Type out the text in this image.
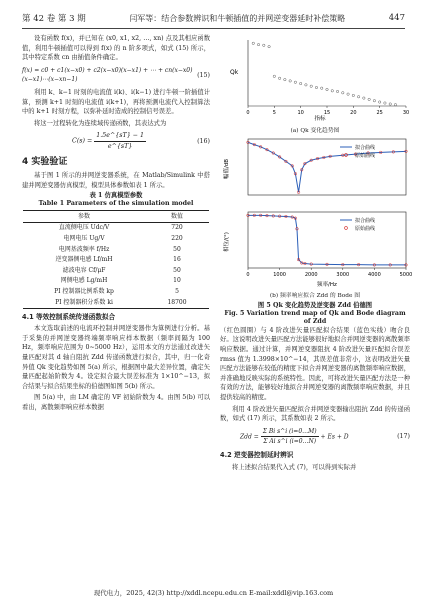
第 42 卷 第 3 期	闫军等：结合参数辨识和牛顿插值的并网逆变器延时补偿策略	447

设有函数 f(x)，并已知在 (x0, x1, x2, …, xn) 点及其相应函数值，利用牛顿插值可以得到 f(x) 的 n 阶多项式，如式 (15) 所示，其中特定系数 cn 由插值条件确定。

f(x) = c0 + c1(x−x0) + c2(x−x0)(x−x1) + ⋯ + cn(x−x0)(x−x1)⋯(x−xn−1)
(15)

利用 k、k−1 时刻的电流值 i(k)、i(k−1) 进行牛顿一阶插值计算，预测 k+1 时刻的电流值 i(k+1)，再将预测电流代入控制算法中的 k+1 时刻方程，以弥补延时造成的控制信号误差。

将这一过程转化为连续域传递函数，其表达式为

$C(s) = \frac{1.5e\^{}\{sT\} - 1}{e\^{}\{sT\}}$	(16)
4 实验验证

基于图 1 所示的并网逆变器系统，在 Matlab/Simulink 中搭建并网逆变器仿真模型，模型具体参数如表 1 所示。

表 1 仿真模型参数
Table 1 Parameters of the simulation model
参数	数值
直流侧电压 Udc/V	720
电网电压 Ug/V	220
电网基波频率 f/Hz	50
逆变器侧电感 Lf/mH	16
滤波电容 Cf/μF	50
网侧电感 Lg/mH	10
PI 控制器比例系数 kp	5
PI 控制器积分系数 ki	18700
4.1 等效控制系统传递函数拟合

本文选取前述的电流环控制并网逆变器作为算例进行分析。基于采集的并网逆变器终端频率响应样本数据（频率间隔为 100 Hz，频率响应范围为 0~5000 Hz），运用本文的方法通过改进矢量匹配对其 d 轴自阻抗 Zdd 传递函数进行拟合，其中，归一化奇异值 Qk 变化趋势如图 5(a) 所示，根据图中最大差异位置，确定矢量匹配起始阶数为 4。设定拟合最大误差标准为 1×10^−13，拟合结果与拟合结果坐标的伯德图如图 5(b) 所示。

图 5(a) 中，由 LM 确定的 VF 初始阶数为 4。由图 5(b) 可以看出，离散频率响应样本数据

Qk
0	5	10	15	20	25	30
指标
(a) Qk 变化趋势图
幅值/dB
拟合曲线
原始曲线

相位/(°)
0	1000	2000	3000	4000	5000
频率/Hz
拟合曲线
原始曲线
(b) 频率响应拟合 Zdd 的 Bode 图
图 5 Qk 变化趋势及逆变器 Zdd 伯德图
Fig. 5 Variation trend map of Qk and Bode diagram
of Zdd

（红色圆圈）与 4 阶改进矢量匹配拟合结果（蓝色实线）吻合良好。这说明改进矢量匹配方法能够很好地拟合并网逆变器的离散频率响应数据。通过计算，并网逆变器阻抗 4 阶改进矢量匹配拟合误差 rmss 值为 1.3998×10^−14，其误差值非常小，这表明改进矢量匹配方法能够在较低的精度下拟合并网逆变器的离散频率响应数据，并准确地反映实际的系统特性。因此，可将改进矢量匹配方法是一种有效的方法，能够较好地拟合并网逆变器的离散频率响应数据，并且提供较高的精度。

利用 4 阶改进矢量匹配拟合并网逆变器输出阻抗 Zdd 的传递函数，如式 (17) 所示，其系数如表 2 所示。

Zdd = $\frac{\text{Σ Bi s\textasciicircum{}i (i=0…M)}}{\text{Σ Ai s\textasciicircum{}i (i=0…N)}} + Es + D$	(17)
4.2 逆变器控制延时辨识

将上述拟合结果代入式 (7)，可以得到实际并

现代电力，2025, 42(3) http://xddl.ncepu.edu.cn E-mail:xddl@vip.163.com
